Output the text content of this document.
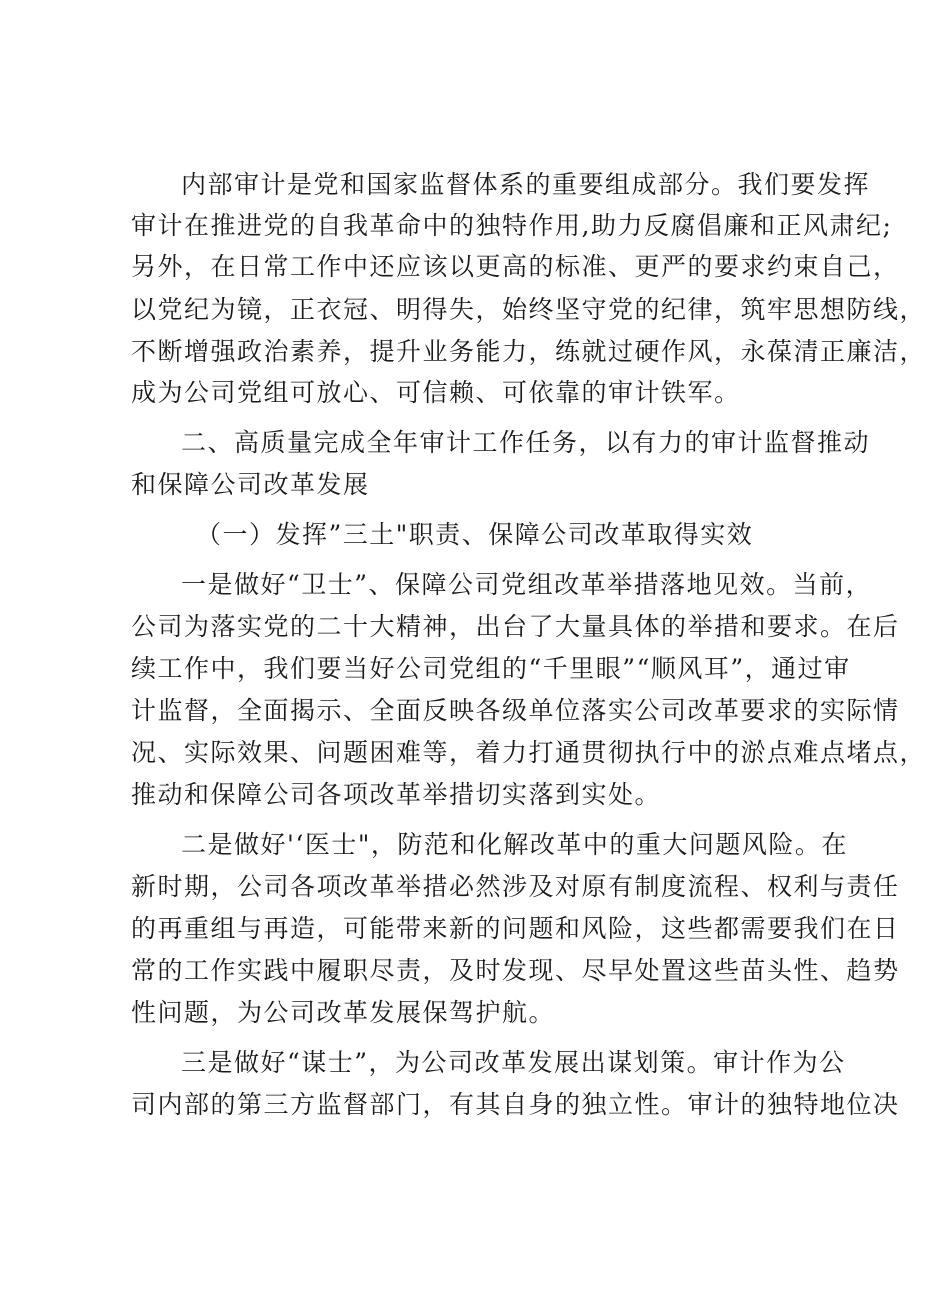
内部审计是党和国家监督体系的重要组成部分。我们要发挥
审计在推进党的自我革命中的独特作用,助力反腐倡廉和正风肃纪;
另外，在日常工作中还应该以更高的标准、更严的要求约束自己，
以党纪为镜，正衣冠、明得失，始终坚守党的纪律，筑牢思想防线，
不断增强政治素养，提升业务能力，练就过硬作风，永葆清正廉洁，
成为公司党组可放心、可信赖、可依靠的审计铁军。
二、高质量完成全年审计工作任务，以有力的审计监督推动
和保障公司改革发展
（一）发挥”三土"职责、保障公司改革取得实效
一是做好“卫士”、保障公司党组改革举措落地见效。当前，
公司为落实党的二十大精神，出台了大量具体的举措和要求。在后
续工作中，我们要当好公司党组的“千里眼”“顺风耳”，通过审
计监督，全面揭示、全面反映各级单位落实公司改革要求的实际情
况、实际效果、问题困难等，着力打通贯彻执行中的淤点难点堵点，
推动和保障公司各项改革举措切实落到实处。
二是做好'‘医士"，防范和化解改革中的重大问题风险。在
新时期，公司各项改革举措必然涉及对原有制度流程、权利与责任
的再重组与再造，可能带来新的问题和风险，这些都需要我们在日
常的工作实践中履职尽责，及时发现、尽早处置这些苗头性、趋势
性问题，为公司改革发展保驾护航。
三是做好“谋士”，为公司改革发展出谋划策。审计作为公
司内部的第三方监督部门，有其自身的独立性。审计的独特地位决
